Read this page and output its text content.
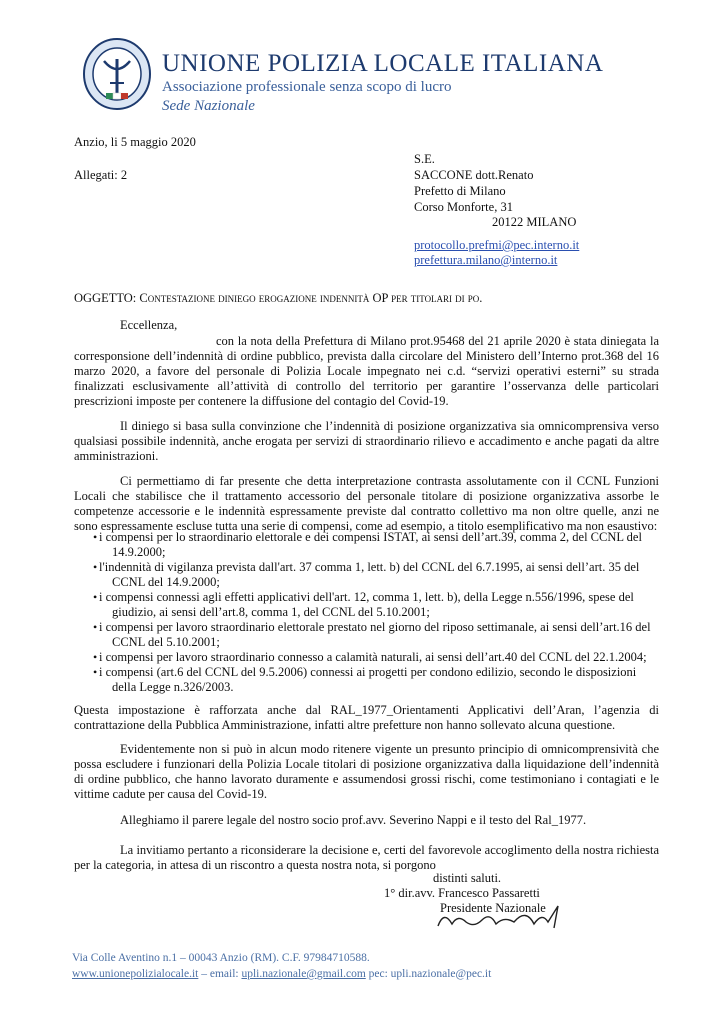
UNIONE POLIZIA LOCALE ITALIANA
Associazione professionale senza scopo di lucro
Sede Nazionale
Anzio, li 5 maggio 2020
Allegati: 2
S.E.
SACCONE dott.Renato
Prefetto di Milano
Corso Monforte, 31
20122 MILANO
protocollo.prefmi@pec.interno.it
prefettura.milano@interno.it
OGGETTO: Contestazione diniego erogazione indennità OP per titolari di po.
Eccellenza,

con la nota della Prefettura di Milano prot.95468 del 21 aprile 2020 è stata diniegata la corresponsione dell’indennità di ordine pubblico, prevista dalla circolare del Ministero dell’Interno prot.368 del 16 marzo 2020, a favore del personale di Polizia Locale impegnato nei c.d. “servizi operativi esterni” su strada finalizzati esclusivamente all’attività di controllo del territorio per garantire l’osservanza delle particolari prescrizioni imposte per contenere la diffusione del contagio del Covid-19.

Il diniego si basa sulla convinzione che l’indennità di posizione organizzativa sia omnicomprensiva verso qualsiasi possibile indennità, anche erogata per servizi di straordinario rilievo e accadimento e anche pagati da altre amministrazioni.

Ci permettiamo di far presente che detta interpretazione contrasta assolutamente con il CCNL Funzioni Locali che stabilisce che il trattamento accessorio del personale titolare di posizione organizzativa assorbe le competenze accessorie e le indennità espressamente previste dal contratto collettivo ma non oltre quelle, anzi ne sono espressamente escluse tutta una serie di compensi, come ad esempio, a titolo esemplificativo ma non esaustivo:

• i compensi per lo straordinario elettorale e dei compensi ISTAT, ai sensi dell’art.39, comma 2, del CCNL del 14.9.2000;
• l'indennità di vigilanza prevista dall'art. 37 comma 1, lett. b) del CCNL del 6.7.1995, ai sensi dell’art. 35 del CCNL del 14.9.2000;
• i compensi connessi agli effetti applicativi dell'art. 12, comma 1, lett. b), della Legge n.556/1996, spese del giudizio, ai sensi dell’art.8, comma 1, del CCNL del 5.10.2001;
• i compensi per lavoro straordinario elettorale prestato nel giorno del riposo settimanale, ai sensi dell’art.16 del CCNL del 5.10.2001;
• i compensi per lavoro straordinario connesso a calamità naturali, ai sensi dell’art.40 del CCNL del 22.1.2004;
• i compensi (art.6 del CCNL del 9.5.2006) connessi ai progetti per condono edilizio, secondo le disposizioni della Legge n.326/2003.

Questa impostazione è rafforzata anche dal RAL_1977_Orientamenti Applicativi dell’Aran, l’agenzia di contrattazione della Pubblica Amministrazione, infatti altre prefetture non hanno sollevato alcuna questione.

Evidentemente non si può in alcun modo ritenere vigente un presunto principio di omnicomprensività che possa escludere i funzionari della Polizia Locale titolari di posizione organizzativa dalla liquidazione dell’indennità di ordine pubblico, che hanno lavorato duramente e assumendosi grossi rischi, come testimoniano i contagiati e le vittime cadute per causa del Covid-19.

Alleghiamo il parere legale del nostro socio prof.avv. Severino Nappi e il testo del Ral_1977.

La invitiamo pertanto a riconsiderare la decisione e, certi del favorevole accoglimento della nostra richiesta per la categoria, in attesa di un riscontro a questa nostra nota, si porgono

distinti saluti.
1° dir.avv. Francesco Passaretti
Presidente Nazionale
Via Colle Aventino n.1 – 00043 Anzio (RM). C.F. 97984710588.
www.unionepolizialocale.it – email: upli.nazionale@gmail.com pec: upli.nazionale@pec.it
